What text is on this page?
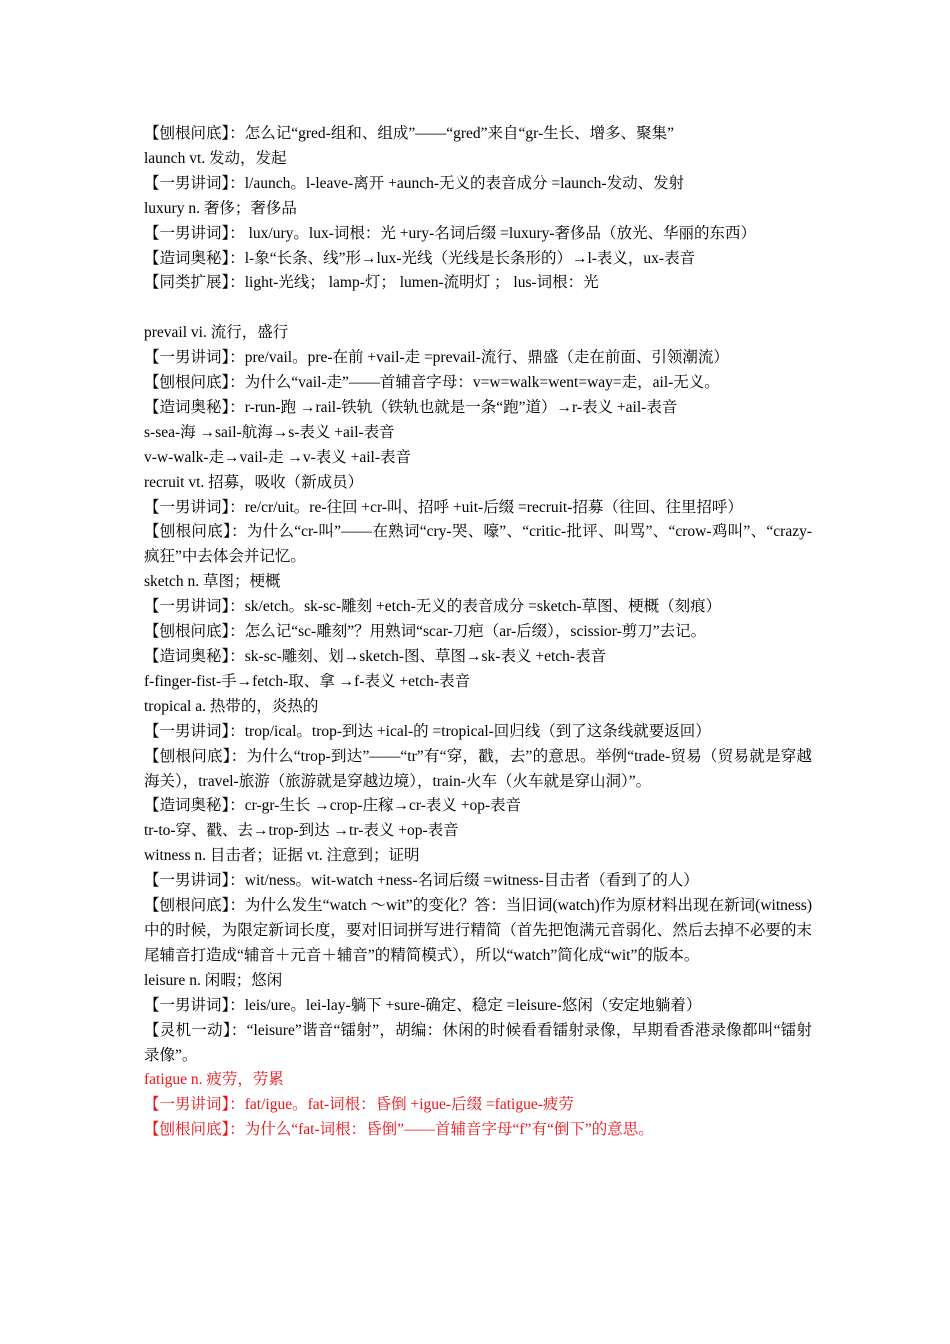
【刨根问底】：怎么记“gred-组和、组成”——“gred”来自“gr-生长、增多、聚集”

launch vt. 发动，发起

【一男讲词】：l/aunch。l-leave-离开 +aunch-无义的表音成分 =launch-发动、发射

luxury n. 奢侈；奢侈品

【一男讲词】： lux/ury。lux-词根：光 +ury-名词后缀 =luxury-奢侈品（放光、华丽的东西）

【造词奥秘】：l-象“长条、线”形→lux-光线（光线是长条形的）→l-表义，ux-表音

【同类扩展】：light-光线； lamp-灯； lumen-流明灯 ； lus-词根：光

prevail vi. 流行，盛行

【一男讲词】：pre/vail。pre-在前 +vail-走 =prevail-流行、鼎盛（走在前面、引领潮流）

【刨根问底】：为什么“vail-走”——首辅音字母：v=w=walk=went=way=走，ail-无义。

【造词奥秘】：r-run-跑 →rail-铁轨（铁轨也就是一条“跑”道）→r-表义 +ail-表音

s-sea-海 →sail-航海→s-表义 +ail-表音

v-w-walk-走→vail-走 →v-表义 +ail-表音

recruit vt. 招募，吸收（新成员）

【一男讲词】：re/cr/uit。re-往回 +cr-叫、招呼 +uit-后缀 =recruit-招募（往回、往里招呼）

【刨根问底】：为什么“cr-叫”——在熟词“cry-哭、嚎”、“critic-批评、叫骂”、“crow-鸡叫”、“crazy-疯狂”中去体会并记忆。

sketch n. 草图；梗概

【一男讲词】：sk/etch。sk-sc-雕刻 +etch-无义的表音成分 =sketch-草图、梗概（刻痕）

【刨根问底】：怎么记“sc-雕刻”？用熟词“scar-刀疤（ar-后缀），scissior-剪刀”去记。

【造词奥秘】：sk-sc-雕刻、划→sketch-图、草图→sk-表义 +etch-表音

f-finger-fist-手→fetch-取、拿 →f-表义 +etch-表音

tropical a. 热带的，炎热的

【一男讲词】：trop/ical。trop-到达 +ical-的 =tropical-回归线（到了这条线就要返回）

【刨根问底】：为什么“trop-到达”——“tr”有“穿，戳，去”的意思。举例“trade-贸易（贸易就是穿越海关），travel-旅游（旅游就是穿越边境），train-火车（火车就是穿山洞）”。

【造词奥秘】：cr-gr-生长 →crop-庄稼→cr-表义 +op-表音

tr-to-穿、戳、去→trop-到达 →tr-表义 +op-表音

witness n. 目击者；证据 vt. 注意到；证明

【一男讲词】：wit/ness。wit-watch +ness-名词后缀 =witness-目击者（看到了的人）

【刨根问底】：为什么发生“watch ～wit”的变化？答：当旧词(watch)作为原材料出现在新词(witness)中的时候，为限定新词长度，要对旧词拼写进行精简（首先把饱满元音弱化、然后去掉不必要的末尾辅音打造成“辅音＋元音＋辅音”的精简模式），所以“watch”简化成“wit”的版本。

leisure n. 闲暇；悠闲

【一男讲词】：leis/ure。lei-lay-躺下 +sure-确定、稳定 =leisure-悠闲（安定地躺着）

【灵机一动】：“leisure”谐音“镭射”，胡编：休闲的时候看看镭射录像，早期看香港录像都叫“镭射录像”。

fatigue n. 疲劳，劳累

【一男讲词】：fat/igue。fat-词根：昏倒 +igue-后缀 =fatigue-疲劳

【刨根问底】：为什么“fat-词根：昏倒”——首辅音字母“f”有“倒下”的意思。
